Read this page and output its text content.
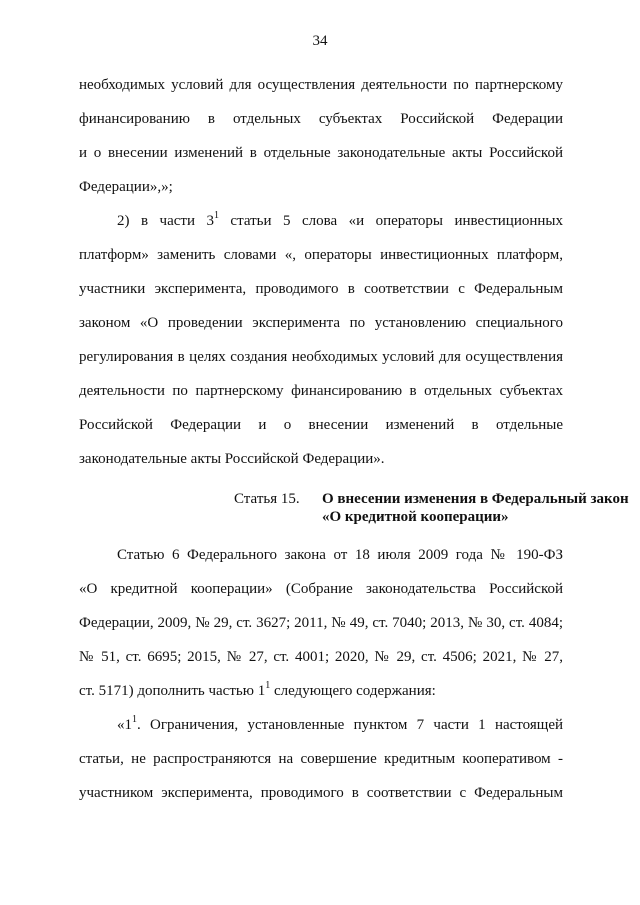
34
необходимых условий для осуществления деятельности по партнерскому
финансированию в отдельных субъектах Российской Федерации
и о внесении изменений в отдельные законодательные акты Российской
Федерации»,»;
2) в части $3^1$ статьи 5 слова «и операторы инвестиционных
платформ» заменить словами «, операторы инвестиционных платформ,
участники эксперимента, проводимого в соответствии с Федеральным
законом «О проведении эксперимента по установлению специального
регулирования в целях создания необходимых условий для осуществления
деятельности по партнерскому финансированию в отдельных субъектах
Российской Федерации и о внесении изменений в отдельные
законодательные акты Российской Федерации».
Статья 15. О внесении изменения в Федеральный закон
«О кредитной кооперации»
Статью 6 Федерального закона от 18 июля 2009 года № 190-ФЗ
«О кредитной кооперации» (Собрание законодательства Российской
Федерации, 2009, № 29, ст. 3627; 2011, № 49, ст. 7040; 2013, № 30, ст. 4084;
№ 51, ст. 6695; 2015, № 27, ст. 4001; 2020, № 29, ст. 4506; 2021, № 27,
ст. 5171) дополнить частью $1^1$ следующего содержания:
«$1^1$. Ограничения, установленные пунктом 7 части 1 настоящей
статьи, не распространяются на совершение кредитным кооперативом -
участником эксперимента, проводимого в соответствии с Федеральным
